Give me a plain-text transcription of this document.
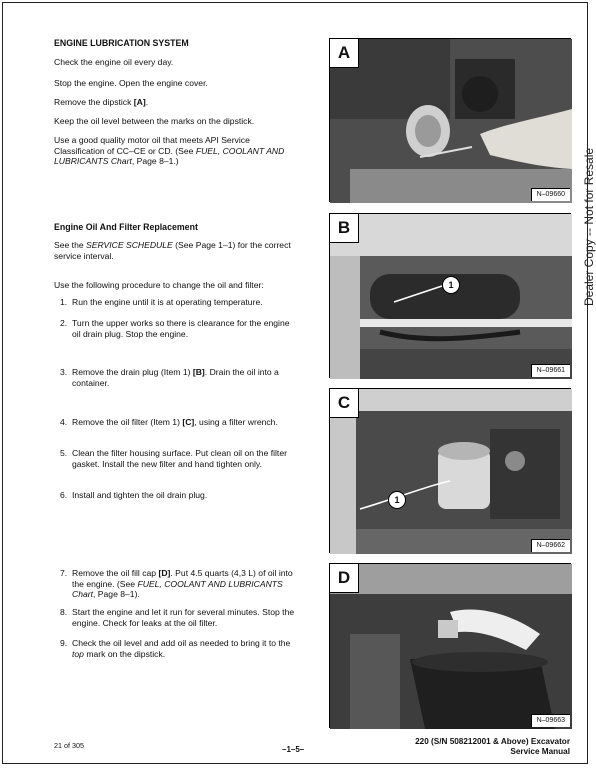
ENGINE LUBRICATION SYSTEM

Check the engine oil every day.

Stop the engine. Open the engine cover.

Remove the dipstick [A].

Keep the oil level between the marks on the dipstick.

Use a good quality motor oil that meets API Service Classification of CC–CE or CD. (See FUEL, COOLANT AND LUBRICANTS Chart, Page 8–1.)

Engine Oil And Filter Replacement

See the SERVICE SCHEDULE (See Page 1–1) for the correct service interval.

Use the following procedure to change the oil and filter:

1. Run the engine until it is at operating temperature.
2. Turn the upper works so there is clearance for the engine oil drain plug. Stop the engine.
3. Remove the drain plug (Item 1) [B]. Drain the oil into a container.
4. Remove the oil filter (Item 1) [C], using a filter wrench.
5. Clean the filter housing surface. Put clean oil on the filter gasket. Install the new filter and hand tighten only.
6. Install and tighten the oil drain plug.
7. Remove the oil fill cap [D]. Put 4.5 quarts (4,3 L) of oil into the engine. (See FUEL, COOLANT AND LUBRICANTS Chart, Page 8–1).
8. Start the engine and let it run for several minutes. Stop the engine. Check for leaks at the oil filter.
9. Check the oil level and add oil as needed to bring it to the top mark on the dipstick.
A
N–09660
1
B
N–09661
1
C
N–09662
D
N–09663
Dealer Copy -- Not for Resale

21 of 305	–1–5–

220 (S/N 508212001 & Above) Excavator

Service Manual
